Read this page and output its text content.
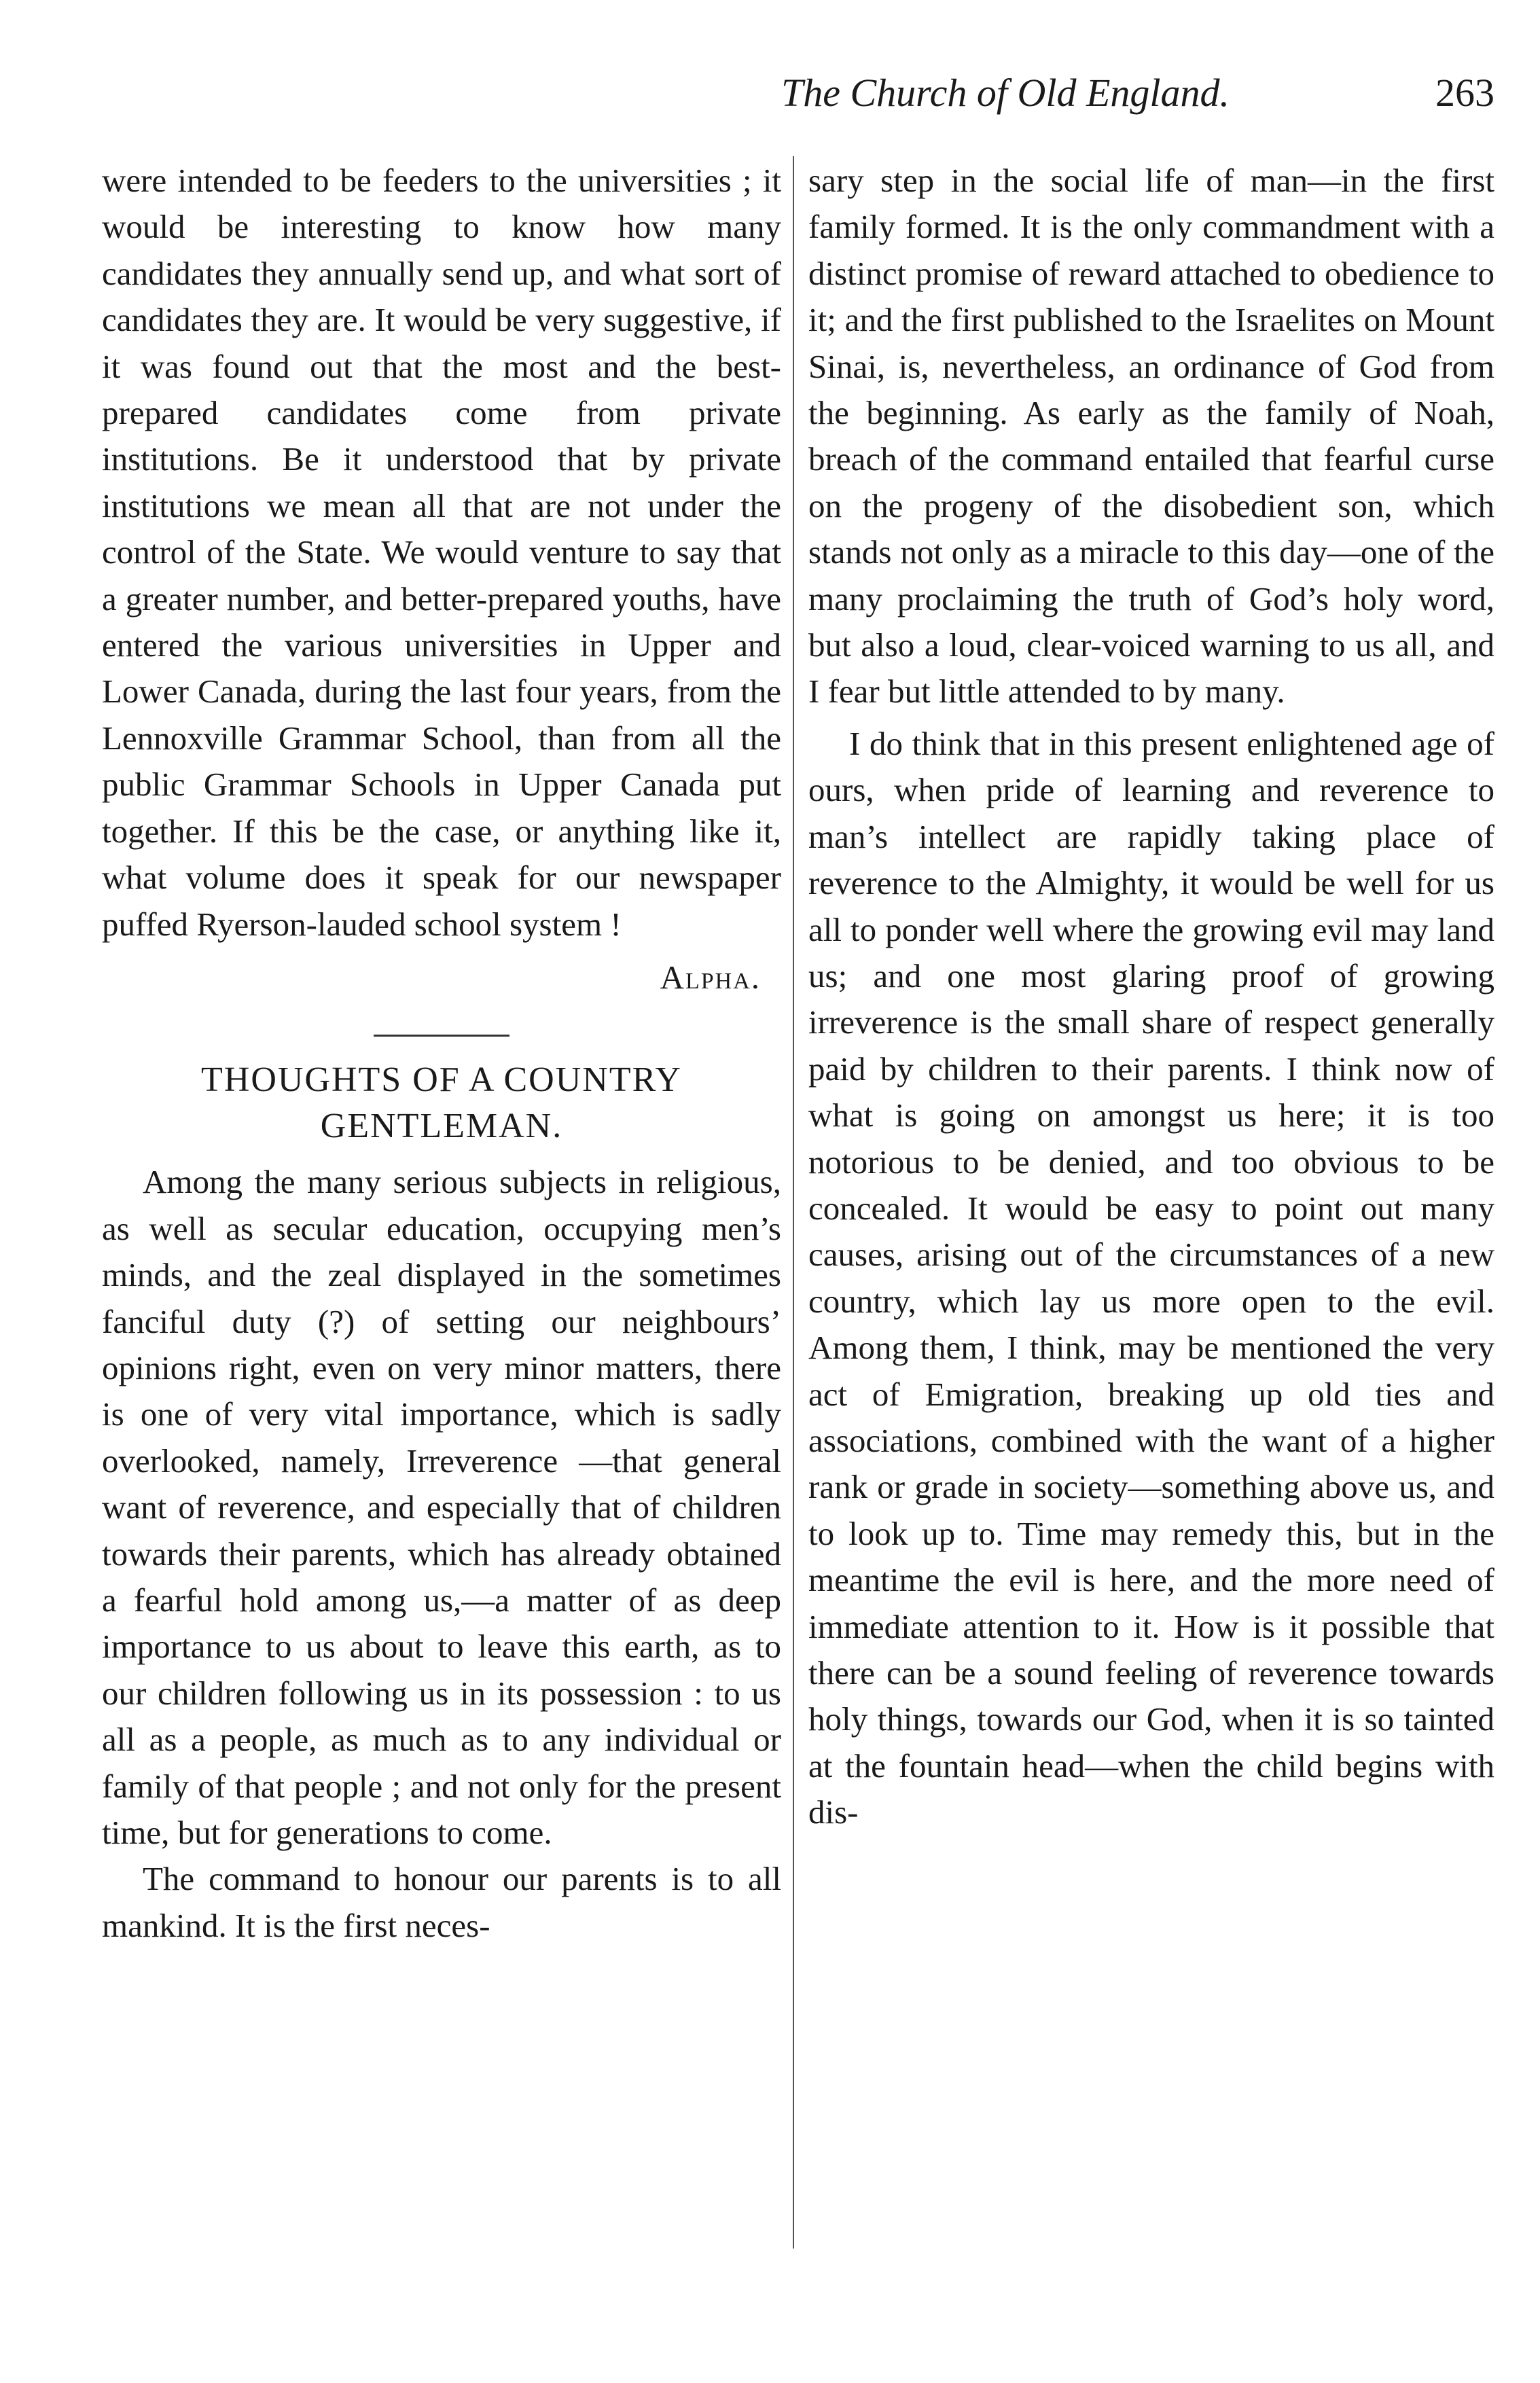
The Church of Old England.	263

were intended to be feeders to the universities ; it would be interesting to know how many candidates they annually send up, and what sort of candidates they are. It would be very suggestive, if it was found out that the most and the best-prepared candidates come from private institutions. Be it understood that by private institutions we mean all that are not under the control of the State. We would venture to say that a greater number, and better-prepared youths, have entered the various universities in Upper and Lower Canada, during the last four years, from the Lennoxville Grammar School, than from all the public Grammar Schools in Upper Canada put together. If this be the case, or anything like it, what volume does it speak for our newspaper puffed Ryerson-lauded school system !

Alpha.

THOUGHTS OF A COUNTRY GENTLEMAN.

Among the many serious subjects in religious, as well as secular education, occupying men’s minds, and the zeal displayed in the sometimes fanciful duty (?) of setting our neighbours’ opinions right, even on very minor matters, there is one of very vital importance, which is sadly overlooked, namely, Irreverence —that general want of reverence, and especially that of children towards their parents, which has already obtained a fearful hold among us,—a matter of as deep importance to us about to leave this earth, as to our children following us in its possession : to us all as a people, as much as to any individual or family of that people ; and not only for the present time, but for generations to come.

The command to honour our parents is to all mankind. It is the first neces-

sary step in the social life of man—in the first family formed. It is the only commandment with a distinct promise of reward attached to obedience to it; and the first published to the Israelites on Mount Sinai, is, nevertheless, an ordinance of God from the beginning. As early as the family of Noah, breach of the command entailed that fearful curse on the progeny of the disobedient son, which stands not only as a miracle to this day—one of the many proclaiming the truth of God’s holy word, but also a loud, clear-voiced warning to us all, and I fear but little attended to by many.

I do think that in this present enlightened age of ours, when pride of learning and reverence to man’s intellect are rapidly taking place of reverence to the Almighty, it would be well for us all to ponder well where the growing evil may land us; and one most glaring proof of growing irreverence is the small share of respect generally paid by children to their parents. I think now of what is going on amongst us here; it is too notorious to be denied, and too obvious to be concealed. It would be easy to point out many causes, arising out of the circumstances of a new country, which lay us more open to the evil. Among them, I think, may be mentioned the very act of Emigration, breaking up old ties and associations, combined with the want of a higher rank or grade in society—something above us, and to look up to. Time may remedy this, but in the meantime the evil is here, and the more need of immediate attention to it. How is it possible that there can be a sound feeling of reverence towards holy things, towards our God, when it is so tainted at the fountain head—when the child begins with dis-
